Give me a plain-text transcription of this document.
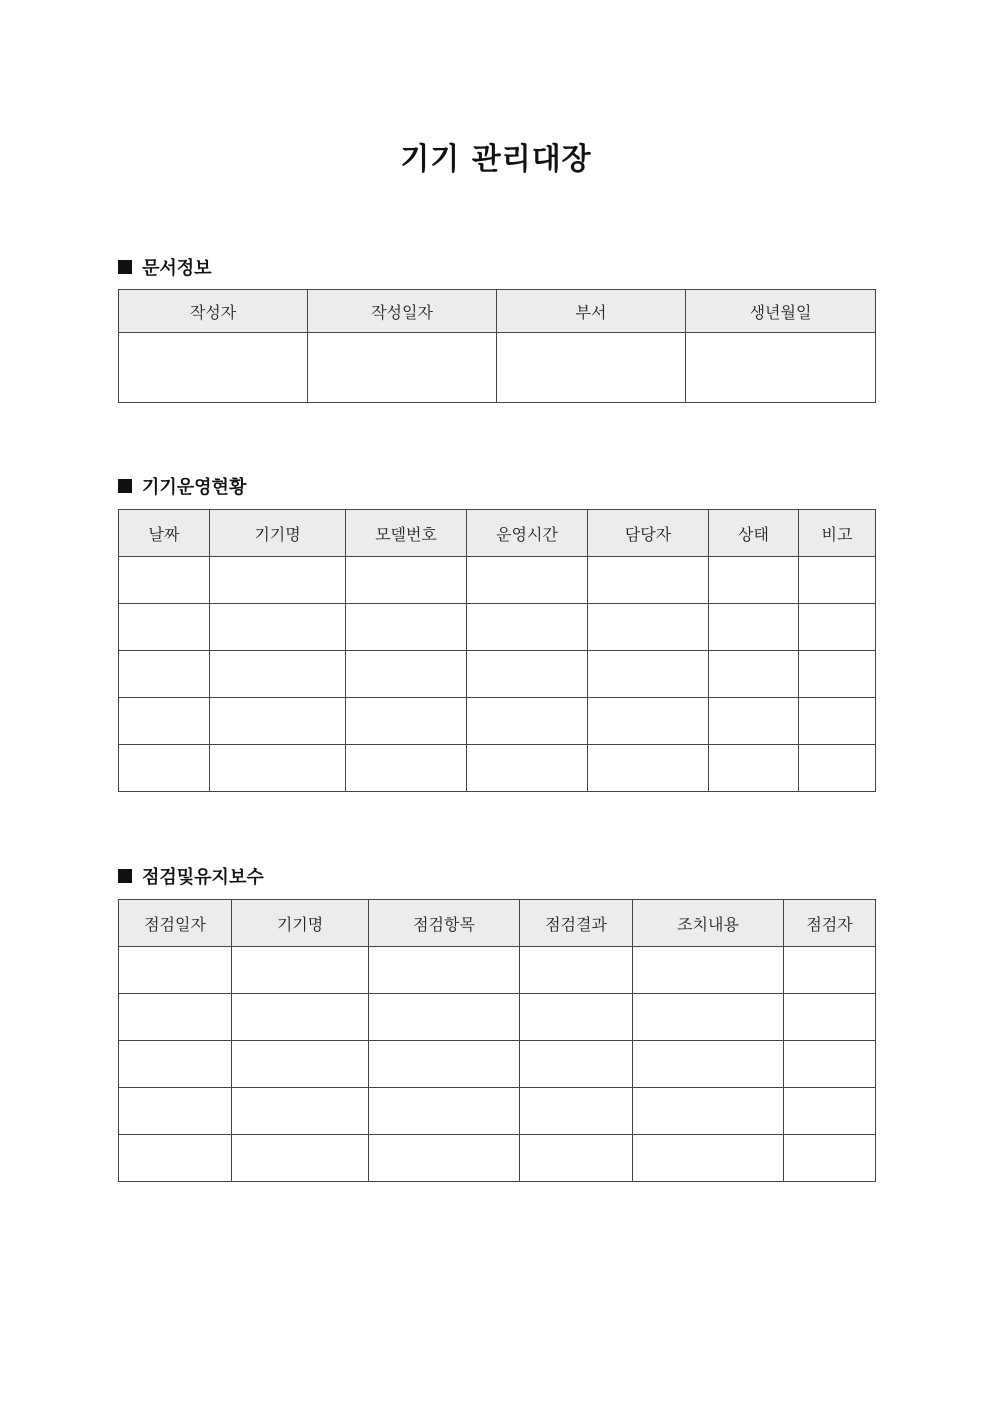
기기 관리대장
문서정보
작성자	작성일자	부서	생년월일

기기운영현황
날짜	기기명	모델번호	운영시간	담당자	상태	비고

점검및유지보수
점검일자	기기명	점검항목	점검결과	조치내용	점검자
